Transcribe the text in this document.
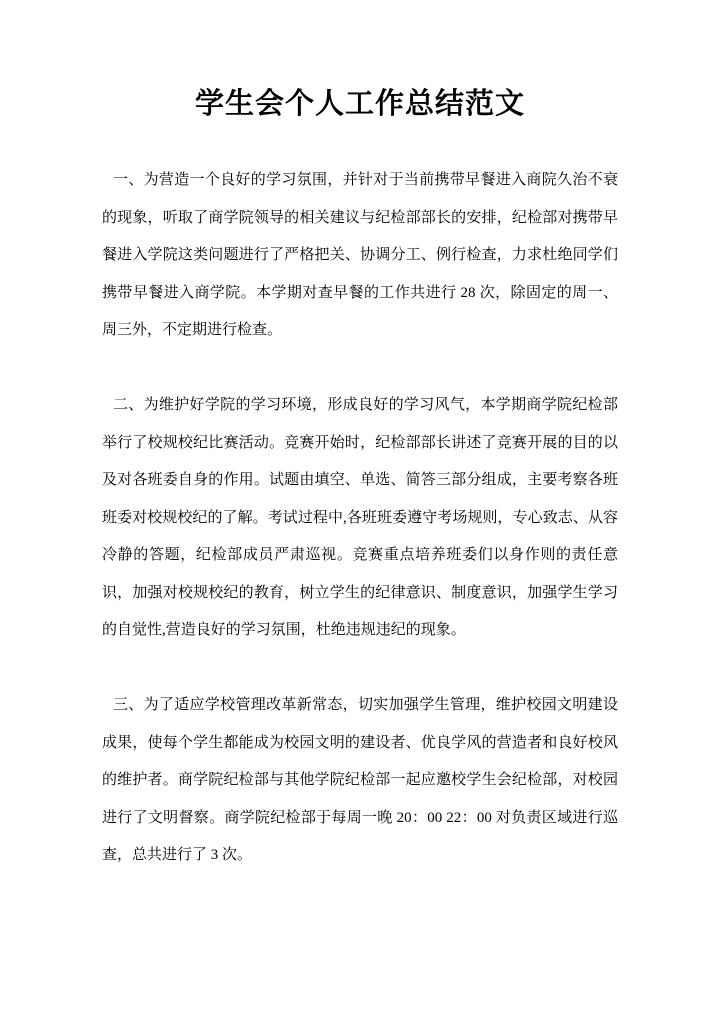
学生会个人工作总结范文

一、为营造一个良好的学习氛围，并针对于当前携带早餐进入商院久治不衰的现象，听取了商学院领导的相关建议与纪检部部长的安排，纪检部对携带早餐进入学院这类问题进行了严格把关、协调分工、例行检查，力求杜绝同学们携带早餐进入商学院。本学期对查早餐的工作共进行 28 次，除固定的周一、周三外，不定期进行检查。

二、为维护好学院的学习环境，形成良好的学习风气，本学期商学院纪检部举行了校规校纪比赛活动。竞赛开始时，纪检部部长讲述了竞赛开展的目的以及对各班委自身的作用。试题由填空、单选、简答三部分组成，主要考察各班班委对校规校纪的了解。考试过程中,各班班委遵守考场规则，专心致志、从容冷静的答题，纪检部成员严肃巡视。竞赛重点培养班委们以身作则的责任意识，加强对校规校纪的教育，树立学生的纪律意识、制度意识，加强学生学习的自觉性,营造良好的学习氛围，杜绝违规违纪的现象。

三、为了适应学校管理改革新常态，切实加强学生管理，维护校园文明建设成果，使每个学生都能成为校园文明的建设者、优良学风的营造者和良好校风的维护者。商学院纪检部与其他学院纪检部一起应邀校学生会纪检部，对校园进行了文明督察。商学院纪检部于每周一晚 20：00 22：00 对负责区域进行巡查，总共进行了 3 次。
